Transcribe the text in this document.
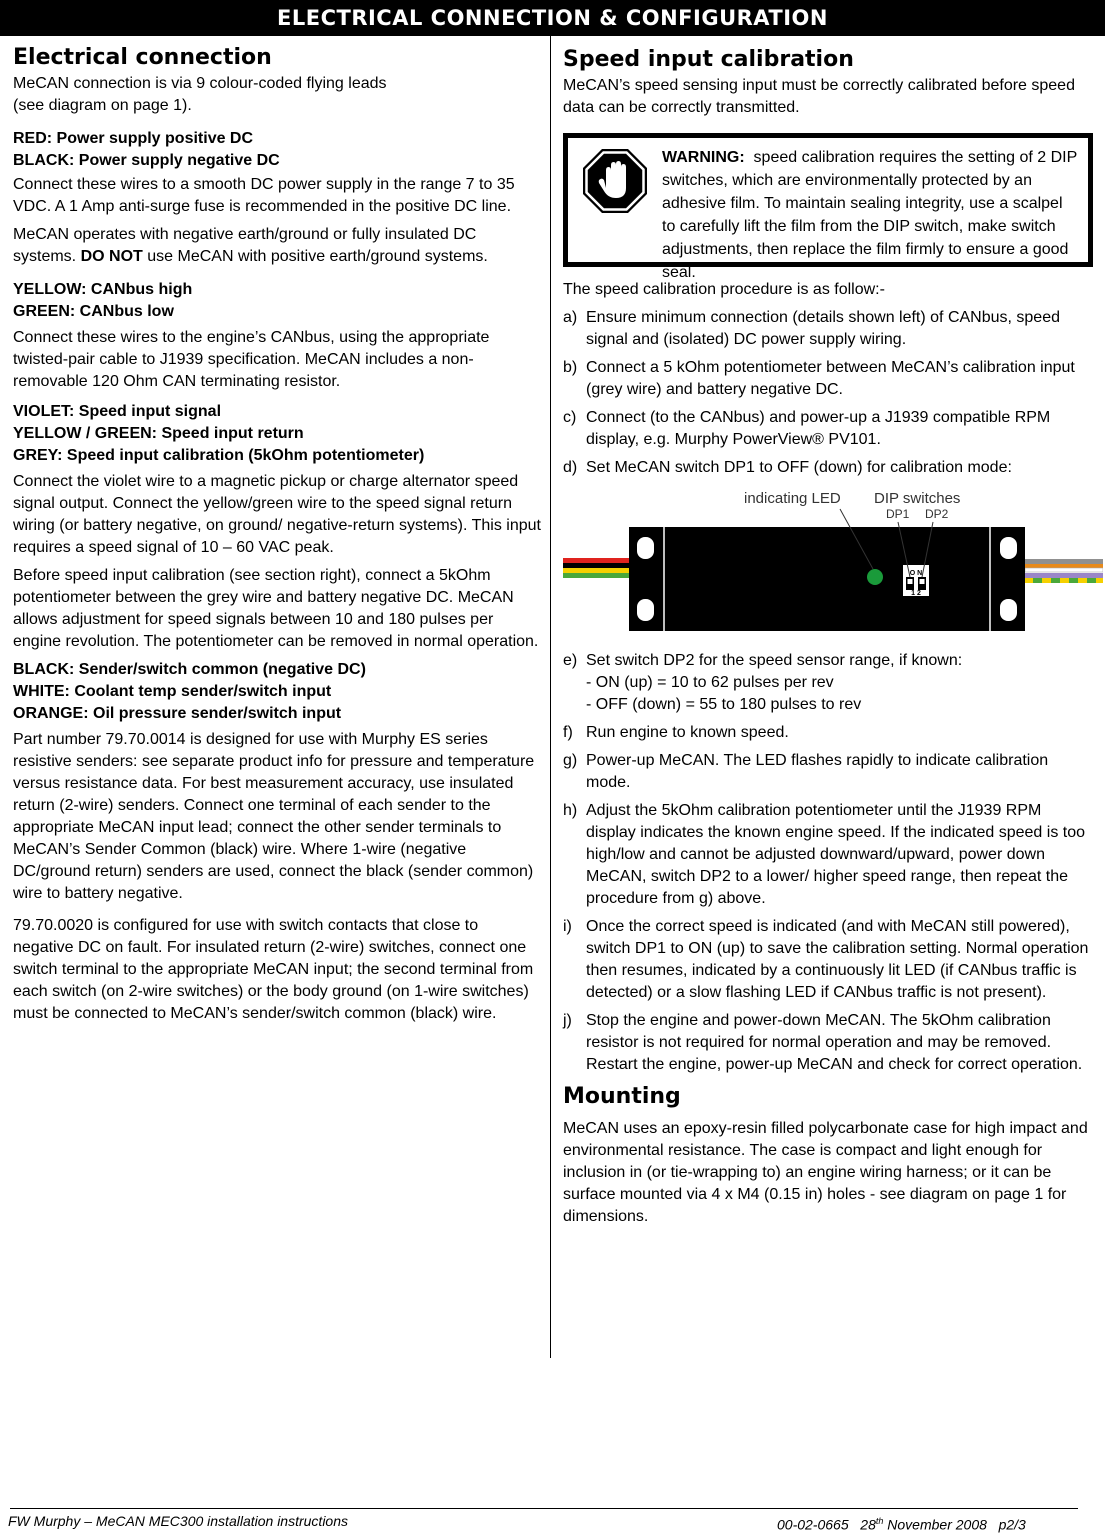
ELECTRICAL CONNECTION & CONFIGURATION
Electrical connection

MeCAN connection is via 9 colour-coded flying leads

(see diagram on page 1).

RED: Power supply positive DC

BLACK: Power supply negative DC

Connect these wires to a smooth DC power supply in the range 7 to 35 VDC. A 1 Amp anti-surge fuse is recommended in the positive DC line.

MeCAN operates with negative earth/ground or fully insulated DC systems. DO NOT use MeCAN with positive earth/ground systems.

YELLOW: CANbus high

GREEN: CANbus low

Connect these wires to the engine’s CANbus, using the appropriate twisted-pair cable to J1939 specification. MeCAN includes a non-removable 120 Ohm CAN terminating resistor.

VIOLET: Speed input signal

YELLOW / GREEN: Speed input return

GREY: Speed input calibration (5kOhm potentiometer)

Connect the violet wire to a magnetic pickup or charge alternator speed signal output. Connect the yellow/green wire to the speed signal return wiring (or battery negative, on ground/ negative-return systems). This input requires a speed signal of 10 – 60 VAC peak.

Before speed input calibration (see section right), connect a 5kOhm potentiometer between the grey wire and battery negative DC. MeCAN allows adjustment for speed signals between 10 and 180 pulses per engine revolution. The potentiometer can be removed in normal operation.

BLACK: Sender/switch common (negative DC)

WHITE: Coolant temp sender/switch input

ORANGE: Oil pressure sender/switch input

Part number 79.70.0014 is designed for use with Murphy ES series resistive senders: see separate product info for pressure and temperature versus resistance data. For best measurement accuracy, use insulated return (2-wire) senders. Connect one terminal of each sender to the appropriate MeCAN input lead; connect the other sender terminals to MeCAN’s Sender Common (black) wire. Where 1-wire (negative DC/ground return) senders are used, connect the black (sender common) wire to battery negative.

79.70.0020 is configured for use with switch contacts that close to negative DC on fault. For insulated return (2-wire) switches, connect one switch terminal to the appropriate MeCAN input; the second terminal from each switch (on 2-wire switches) or the body ground (on 1-wire switches) must be connected to MeCAN’s sender/switch common (black) wire.

Speed input calibration

MeCAN’s speed sensing input must be correctly calibrated before speed data can be correctly transmitted.

WARNING: speed calibration requires the setting of 2 DIP switches, which are environmentally protected by an adhesive film. To maintain sealing integrity, use a scalpel to carefully lift the film from the DIP switch, make switch adjustments, then replace the film firmly to ensure a good seal.

The speed calibration procedure is as follow:-

a) Ensure minimum connection (details shown left) of CANbus, speed signal and (isolated) DC power supply wiring.
b) Connect a 5 kOhm potentiometer between MeCAN’s calibration input (grey wire) and battery negative DC.
c) Connect (to the CANbus) and power-up a J1939 compatible RPM display, e.g. Murphy PowerView® PV101.
d) Set MeCAN switch DP1 to OFF (down) for calibration mode:
O N
1 2
indicating LED DIP switches
DP1 DP2
e) Set switch DP2 for the speed sensor range, if known:
- ON (up) = 10 to 62 pulses per rev
- OFF (down) = 55 to 180 pulses to rev
f) Run engine to known speed.
g) Power-up MeCAN. The LED flashes rapidly to indicate calibration mode.
h) Adjust the 5kOhm calibration potentiometer until the J1939 RPM display indicates the known engine speed. If the indicated speed is too high/low and cannot be adjusted downward/upward, power down MeCAN, switch DP2 to a lower/ higher speed range, then repeat the procedure from g) above.
i) Once the correct speed is indicated (and with MeCAN still powered), switch DP1 to ON (up) to save the calibration setting. Normal operation then resumes, indicated by a continuously lit LED (if CANbus traffic is detected) or a slow flashing LED if CANbus traffic is not present).
j) Stop the engine and power-down MeCAN. The 5kOhm calibration resistor is not required for normal operation and may be removed. Restart the engine, power-up MeCAN and check for correct operation.
Mounting

MeCAN uses an epoxy-resin filled polycarbonate case for high impact and environmental resistance. The case is compact and light enough for inclusion in (or tie-wrapping to) an engine wiring harness; or it can be surface mounted via 4 x M4 (0.15 in) holes - see diagram on page 1 for dimensions.

FW Murphy – MeCAN MEC300 installation instructions	00-02-0665 28th November 2008 p2/3
